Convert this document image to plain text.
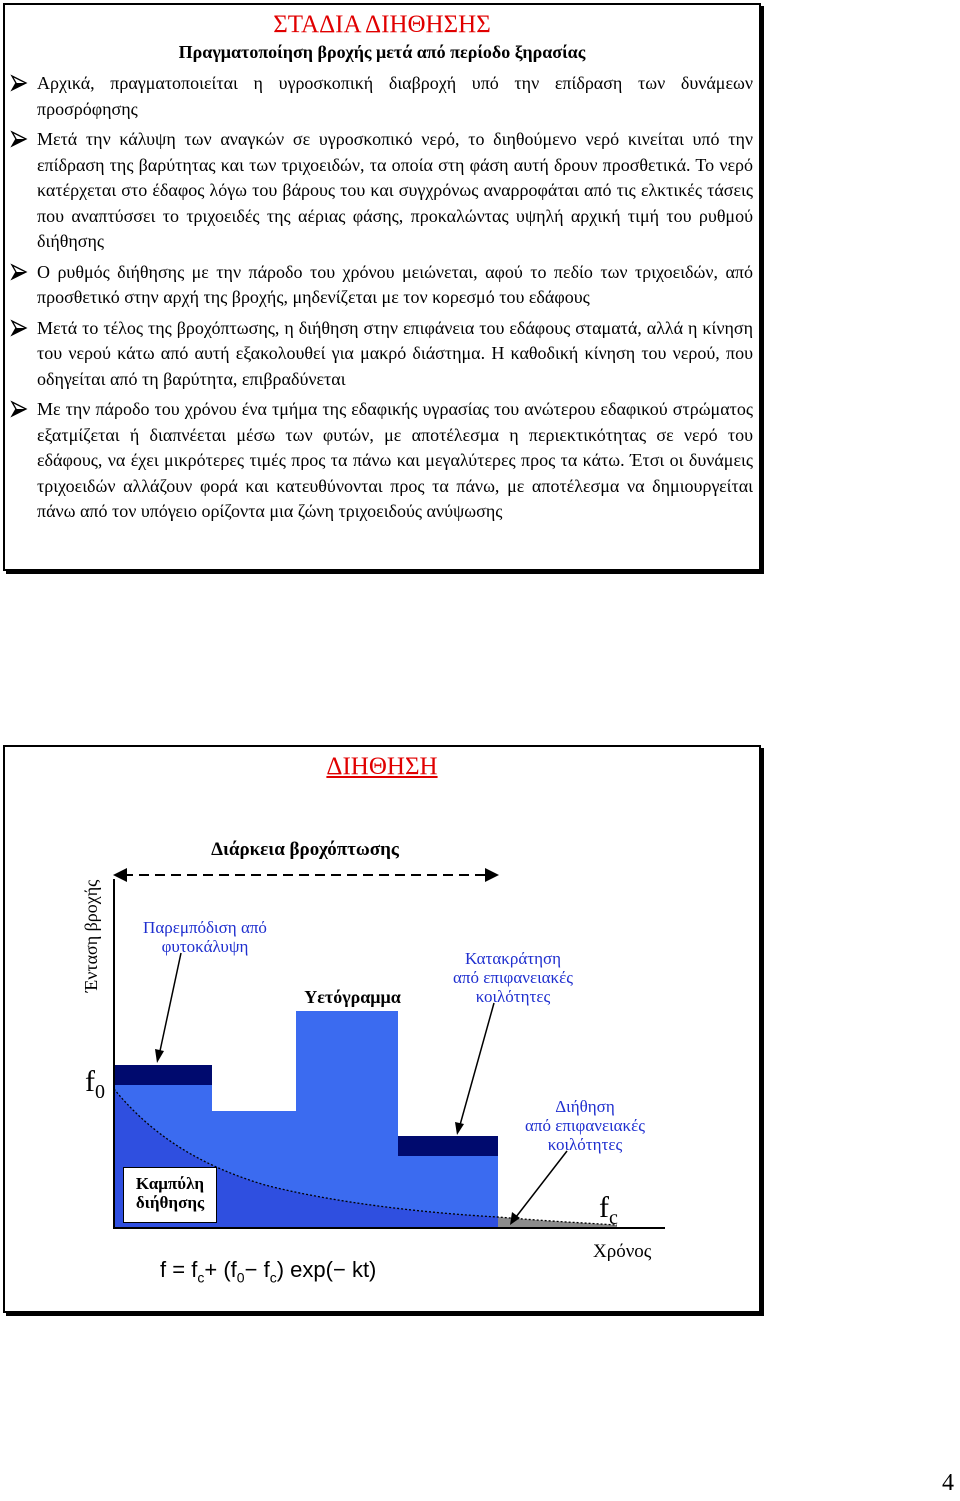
ΣΤΑΔΙΑ ΔΙΗΘΗΣΗΣ
Πραγματοποίηση βροχής μετά από περίοδο ξηρασίας
Αρχικά, πραγματοποιείται η υγροσκοπική διαβροχή υπό την επίδραση των δυνάμεων προσρόφησης
Μετά την κάλυψη των αναγκών σε υγροσκοπικό νερό, το διηθούμενο νερό κινείται υπό την επίδραση της βαρύτητας και των τριχοειδών, τα οποία στη φάση αυτή δρουν προσθετικά. Το νερό κατέρχεται στο έδαφος λόγω του βάρους του και συγχρόνως αναρροφάται από τις ελκτικές τάσεις που αναπτύσσει το τριχοειδές της αέριας φάσης, προκαλώντας υψηλή αρχική τιμή του ρυθμού διήθησης
Ο ρυθμός διήθησης με την πάροδο του χρόνου μειώνεται, αφού το πεδίο των τριχοειδών, από προσθετικό στην αρχή της βροχής, μηδενίζεται με τον κορεσμό του εδάφους
Μετά το τέλος της βροχόπτωσης, η διήθηση στην επιφάνεια του εδάφους σταματά, αλλά η κίνηση του νερού κάτω από αυτή εξακολουθεί για μακρό διάστημα. Η καθοδική κίνηση του νερού, που οδηγείται από τη βαρύτητα, επιβραδύνεται
Με την πάροδο του χρόνου ένα τμήμα της εδαφικής υγρασίας του ανώτερου εδαφικού στρώματος εξατμίζεται ή διαπνέεται μέσω των φυτών, με αποτέλεσμα η περιεκτικότητας σε νερό του εδάφους, να έχει μικρότερες τιμές προς τα πάνω και μεγαλύτερες προς τα κάτω. Έτσι οι δυνάμεις τριχοειδών αλλάζουν φορά και κατευθύνονται προς τα πάνω, με αποτέλεσμα να δημιουργείται πάνω από τον υπόγειο ορίζοντα μια ζώνη τριχοειδούς ανύψωσης
ΔΙΗΘΗΣΗ
Διάρκεια βροχόπτωσης
Ένταση βροχής	Παρεμπόδιση από
φυτοκάλυψη
Υετόγραμμα
Κατακράτηση
από επιφανειακές
κοιλότητες
Διήθηση
από επιφανειακές
κοιλότητες
Καμπύλη
διήθησης
$f_0$
$f_c$
Χρόνος
$f = f_c+ (f_0- f_c)$ exp(− kt)
4
